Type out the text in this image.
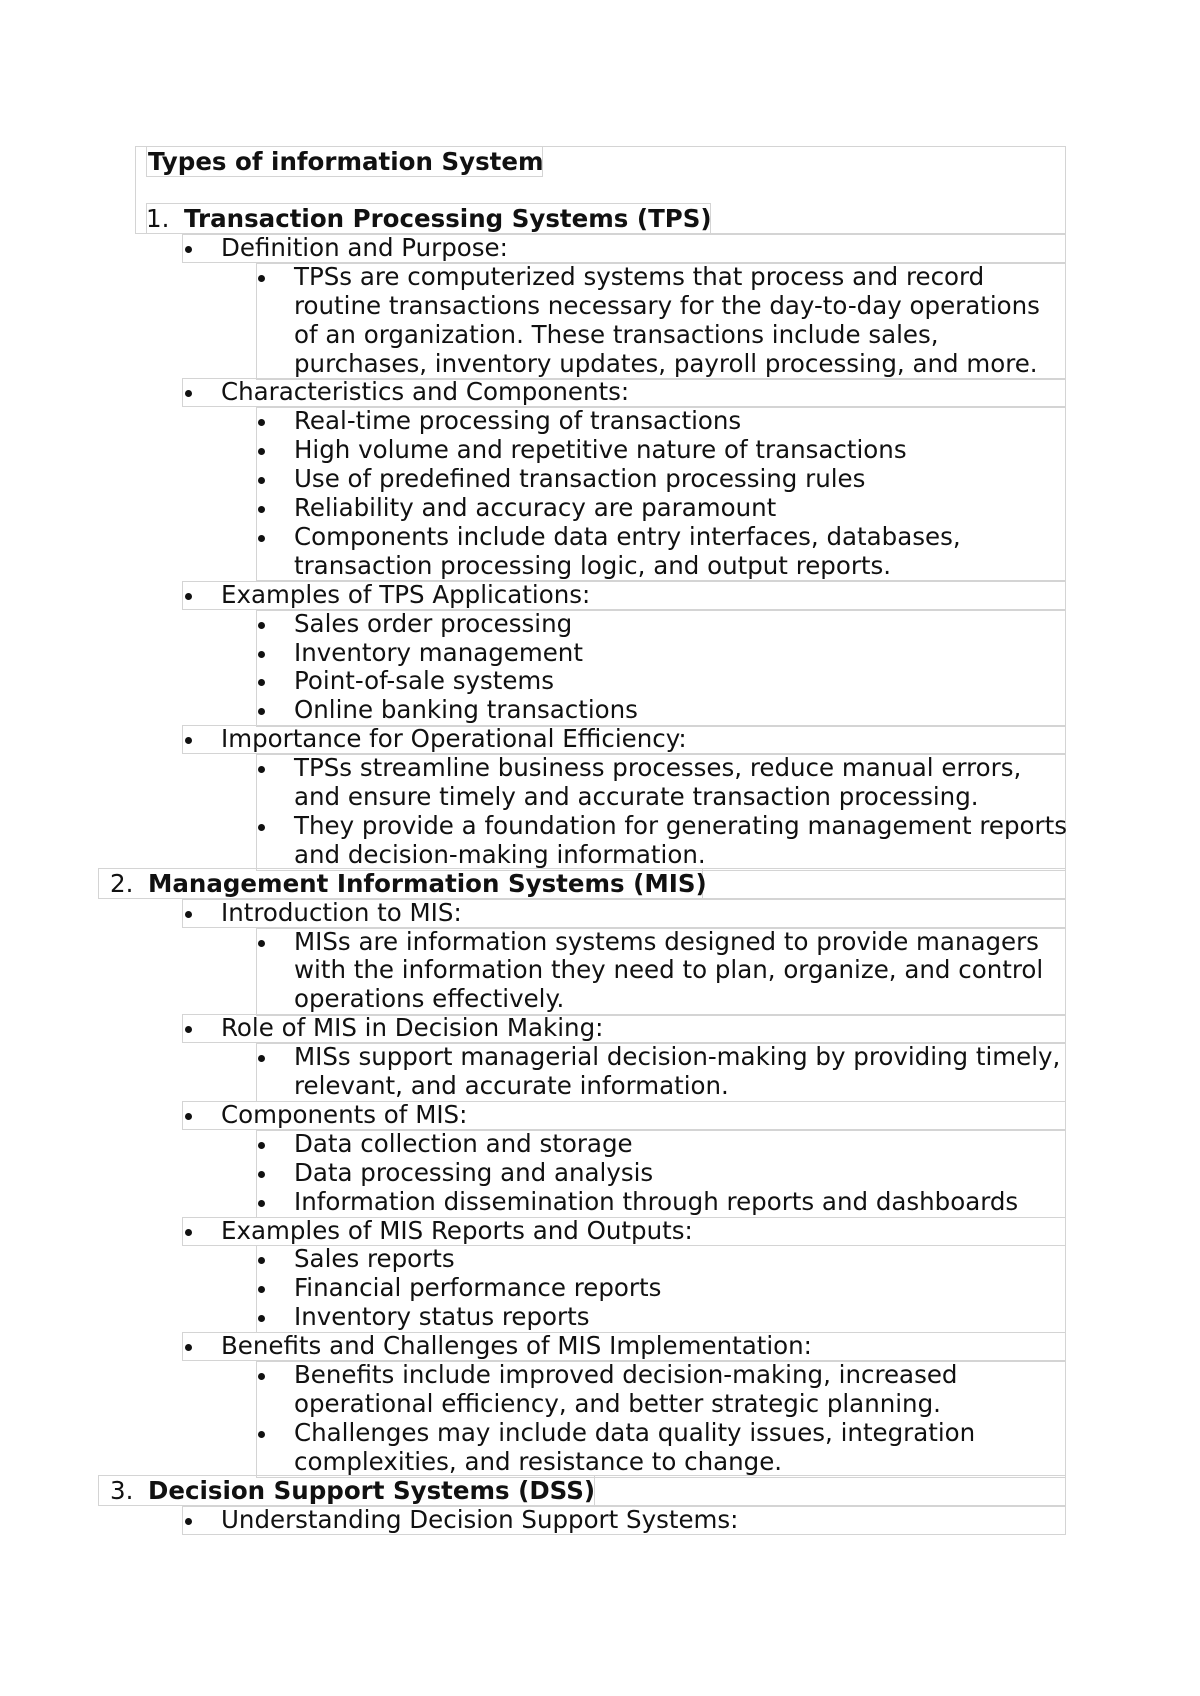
Types of information System
1. Transaction Processing Systems (TPS)
Definition and Purpose:
TPSs are computerized systems that process and record
routine transactions necessary for the day-to-day operations
of an organization. These transactions include sales,
purchases, inventory updates, payroll processing, and more.
Characteristics and Components:
Real-time processing of transactions
High volume and repetitive nature of transactions
Use of predefined transaction processing rules
Reliability and accuracy are paramount
Components include data entry interfaces, databases,
transaction processing logic, and output reports.
Examples of TPS Applications:
Sales order processing
Inventory management
Point-of-sale systems
Online banking transactions
Importance for Operational Efficiency:
TPSs streamline business processes, reduce manual errors,
and ensure timely and accurate transaction processing.
They provide a foundation for generating management reports
and decision-making information.
2. Management Information Systems (MIS)
Introduction to MIS:
MISs are information systems designed to provide managers
with the information they need to plan, organize, and control
operations effectively.
Role of MIS in Decision Making:
MISs support managerial decision-making by providing timely,
relevant, and accurate information.
Components of MIS:
Data collection and storage
Data processing and analysis
Information dissemination through reports and dashboards
Examples of MIS Reports and Outputs:
Sales reports
Financial performance reports
Inventory status reports
Benefits and Challenges of MIS Implementation:
Benefits include improved decision-making, increased
operational efficiency, and better strategic planning.
Challenges may include data quality issues, integration
complexities, and resistance to change.
3. Decision Support Systems (DSS)
Understanding Decision Support Systems:
